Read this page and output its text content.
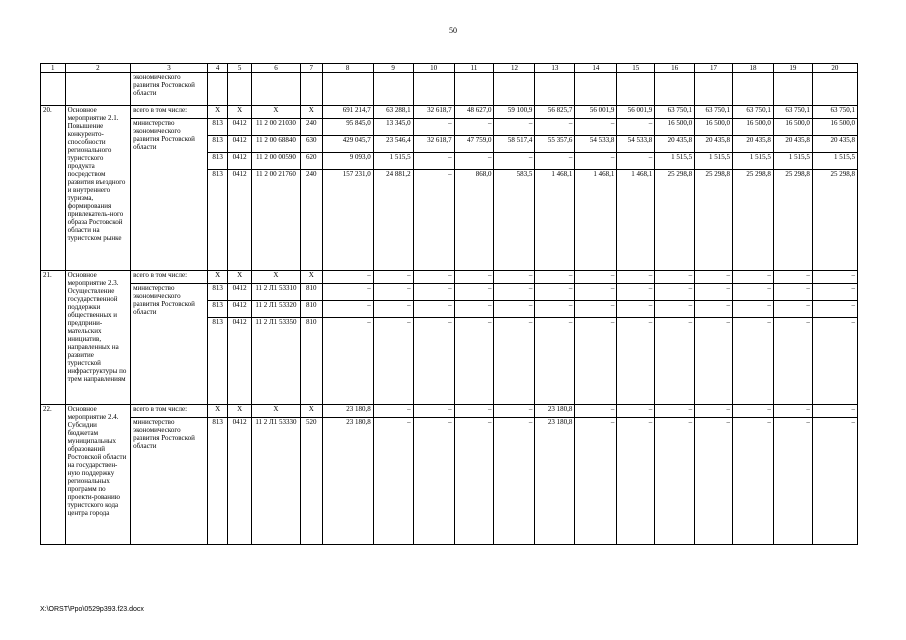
50
1	2	3	4	5	6	7	8	9	10	11	12	13	14	15	16	17	18	19	20
		экономического развития Ростовской области																	
20.	Основное мероприятие 2.1. Повышение конкуренто-способности регионального туристского продукта посредством развития въездного и внутреннего туризма, формирования привлекатель-ного образа Ростовской области на туристском рынке	всего в том числе:	X	X	X	X	691 214,7	63 288,1	32 618,7	48 627,0	59 100,9	56 825,7	56 001,9	56 001,9	63 750,1	63 750,1	63 750,1	63 750,1	63 750,1
		министерство экономического развития Ростовской области	813	0412	11 2 00 21030	240	95 845,0	13 345,0	–	–	–	–	–	–	16 500,0	16 500,0	16 500,0	16 500,0	16 500,0
			813	0412	11 2 00 68840	630	429 045,7	23 546,4	32 618,7	47 759,0	58 517,4	55 357,6	54 533,8	54 533,8	20 435,8	20 435,8	20 435,8	20 435,8	20 435,8
			813	0412	11 2 00 00590	620	9 093,0	1 515,5	–	–	–	–	–	–	1 515,5	1 515,5	1 515,5	1 515,5	1 515,5
			813	0412	11 2 00 21760	240	157 231,0	24 881,2	–	868,0	583,5	1 468,1	1 468,1	1 468,1	25 298,8	25 298,8	25 298,8	25 298,8	25 298,8
21.	Основное мероприятие 2.3. Осуществление государственной поддержки общественных и предприни-мательских инициатив, направленных на развитие туристской инфраструктуры по трем направлениям	всего в том числе:	X	X	X	X	–	–	–	–	–	–	–	–	–	–	–	–	–
		министерство экономического развития Ростовской области	813	0412	11 2 Л1 53310	810	–	–	–	–	–	–	–	–	–	–	–	–	–
			813	0412	11 2 Л1 53320	810	–	–	–	–	–	–	–	–	–	–	–	–	–
			813	0412	11 2 Л1 53350	810	–	–	–	–	–	–	–	–	–	–	–	–	–
22.	Основное мероприятие 2.4. Субсидии бюджетам муниципальных образований Ростовской области на государствен-ную поддержку региональных программ по проекти-рованию туристского кода центра города	всего в том числе:	X	X	X	X	23 180,8	–	–	–	–	23 180,8	–	–	–	–	–	–	–
		министерство экономического развития Ростовской области	813	0412	11 2 Л1 53330	520	23 180,8	–	–	–	–	23 180,8	–	–	–	–	–	–	–
X:\ORST\Ppo\0529p393.f23.docx
